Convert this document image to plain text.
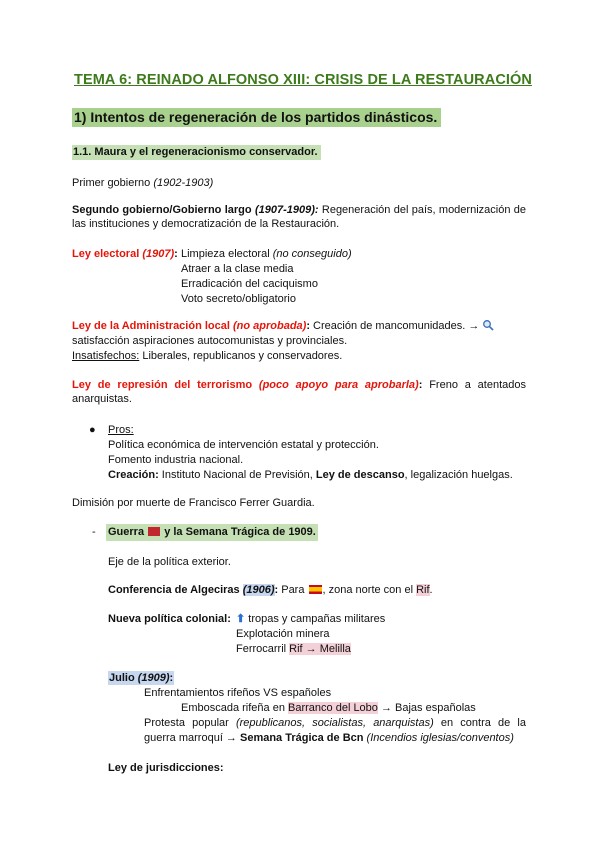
TEMA 6: REINADO ALFONSO XIII: CRISIS DE LA RESTAURACIÓN
1) Intentos de regeneración de los partidos dinásticos.
1.1. Maura y el regeneracionismo conservador.
Primer gobierno (1902-1903)
Segundo gobierno/Gobierno largo (1907-1909): Regeneración del país, modernización de las instituciones y democratización de la Restauración.
Ley electoral (1907): Limpieza electoral (no conseguido)
Atraer a la clase media
Erradicación del caciquismo
Voto secreto/obligatorio
Ley de la Administración local (no aprobada): Creación de mancomunidades. →
satisfacción aspiraciones autocomunistas y provinciales.
Insatisfechos: Liberales, republicanos y conservadores.
Ley de represión del terrorismo (poco apoyo para aprobarla): Freno a atentados anarquistas.
● Pros:
Política económica de intervención estatal y protección.
Fomento industria nacional.
Creación: Instituto Nacional de Previsión, Ley de descanso, legalización huelgas.
Dimisión por muerte de Francisco Ferrer Guardia.
- Guerra  y la Semana Trágica de 1909.
Eje de la política exterior.
Conferencia de Algeciras (1906): Para , zona norte con el Rif.
Nueva política colonial: ⬆ tropas y campañas militares
Explotación minera
Ferrocarril Rif → Melilla
Julio (1909):
Enfrentamientos rifeños VS españoles
Emboscada rifeña en Barranco del Lobo → Bajas españolas
Protesta popular (republicanos, socialistas, anarquistas) en contra de la
guerra marroquí → Semana Trágica de Bcn (Incendios iglesias/conventos)
Ley de jurisdicciones:
